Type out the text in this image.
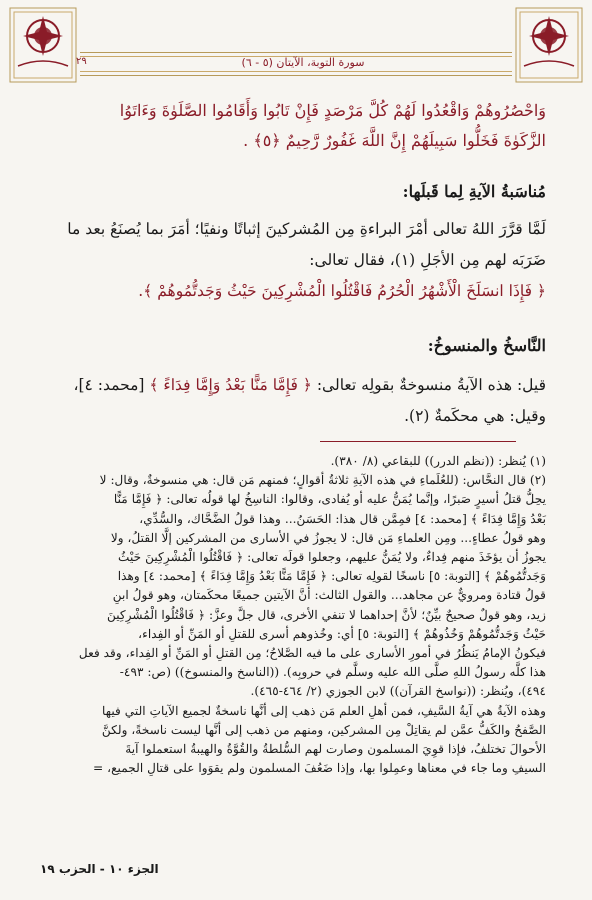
٢٩	سورة التوبة، الآيتان (٥ - ٦)
وَاحْصُرُوهُمْ وَاقْعُدُوا لَهُمْ كُلَّ مَرْصَدٍ فَإِنْ تَابُوا وَأَقَامُوا الصَّلَوٰةَ وَءَاتَوُا
الزَّكَوٰةَ فَخَلُّوا سَبِيلَهُمْ إِنَّ اللَّهَ غَفُورٌ رَّحِيمٌ ﴿٥﴾ .
مُناسَبةُ الآيةِ لِما قَبلَها:
لَمَّا قرَّرَ اللهُ تعالى أمْرَ البراءةِ مِن المُشركينَ إثباتًا ونفيًا؛ أمَرَ بما يُصنَعُ بعد ما
ضَرَبَه لهم مِن الأجَلِ (١)، فقال تعالى:
﴿ فَإِذَا انسَلَخَ الْأَشْهُرُ الْحُرُمُ فَاقْتُلُوا الْمُشْرِكِينَ حَيْثُ وَجَدتُّمُوهُمْ ﴾.
النَّاسخُ والمنسوخُ:
قيل: هذه الآيةُ منسوخةٌ بقولِه تعالى: ﴿ فَإِمَّا مَنًّا بَعْدُ وَإِمَّا فِدَاءً ﴾ [محمد: ٤]،
وقيل: هي محكَمةٌ (٢).
(١) يُنظر: ((نظم الدرر)) للبقاعي (٨/ ٣٨٠).
(٢) قال النحَّاس: (للعُلَماءِ في هذه الآيةِ ثلاثةُ أقوالٍ؛ فمنهم مَن قال: هي منسوخةٌ، وقال: لا
يحِلُّ قتلُ أسيرٍ صَبرًا، وإنَّما يُمَنُّ عليه أو يُفادى، وقالوا: الناسِخُ لها قولُه تعالى: ﴿ فَإِمَّا مَنًّا
بَعْدُ وَإِمَّا فِدَاءً ﴾ [محمد: ٤] فمِمَّن قال هذا: الحَسَنُ... وهذا قولُ الضَّحَّاك، والسُّدِّي،
وهو قولُ عطاءٍ... ومِن العلماءِ مَن قال: لا يجوزُ في الأسارى من المشركين إلَّا القتلُ، ولا
يجوزُ أن يؤخَذَ منهم فِداءٌ، ولا يُمَنُّ عليهم، وجعلوا قولَه تعالى: ﴿ فَاقْتُلُوا الْمُشْرِكِينَ حَيْثُ
وَجَدتُّمُوهُمْ ﴾ [التوبة: ٥] ناسخًا لقولِه تعالى: ﴿ فَإِمَّا مَنًّا بَعْدُ وَإِمَّا فِدَاءً ﴾ [محمد: ٤] وهذا
قولُ قتادة ومرويٌّ عن مجاهد... والقول الثالث: أنَّ الآيتين جميعًا محكَمتان، وهو قولُ ابنِ
زيد، وهو قولٌ صحيحٌ بيِّنٌ؛ لأنَّ إحداهما لا تنفي الأخرى، قال جلَّ وعزَّ: ﴿ فَاقْتُلُوا الْمُشْرِكِينَ
حَيْثُ وَجَدتُّمُوهُمْ وَخُذُوهُمْ ﴾ [التوبة: ٥] أي: وخُذوهم أسرى للقتلِ أو المَنِّ أو الفِداء،
فيكونُ الإمامُ يَنظُرُ في أمورِ الأسارى على ما فيه الصَّلاحُ؛ مِن القتلِ أو المَنِّ أو الفِداء، وقد فعل
هذا كلَّه رسولُ اللهِ صلَّى الله عليه وسلَّم في حروبِه). ((الناسخ والمنسوخ)) (ص: ٤٩٣-
٤٩٤)، ويُنظر: ((نواسخ القرآن)) لابن الجوزي (٢/ ٤٦٤-٤٦٥).
وهذه الآيةُ هي آيةُ السَّيفِ، فمن أهلِ العلم مَن ذهب إلى أنَّها ناسخةٌ لجميع الآياتِ التي فيها
الصَّفحُ والكَفُّ عمَّن لم يقاتِلْ مِن المشركين، ومنهم من ذهب إلى أنَّها ليست ناسخةً، ولكنَّ
الأحوالَ تختلفُ، فإذا قوِيَ المسلمون وصارت لهم السُّلطةُ والقُوَّةُ والهيبةُ استعملوا آيةَ
السيفِ وما جاء في معناها وعمِلوا بها، وإذا ضَعُفَ المسلمون ولم يقوَوا على قتالِ الجميع، =
الجزء ١٠ - الحزب ١٩
